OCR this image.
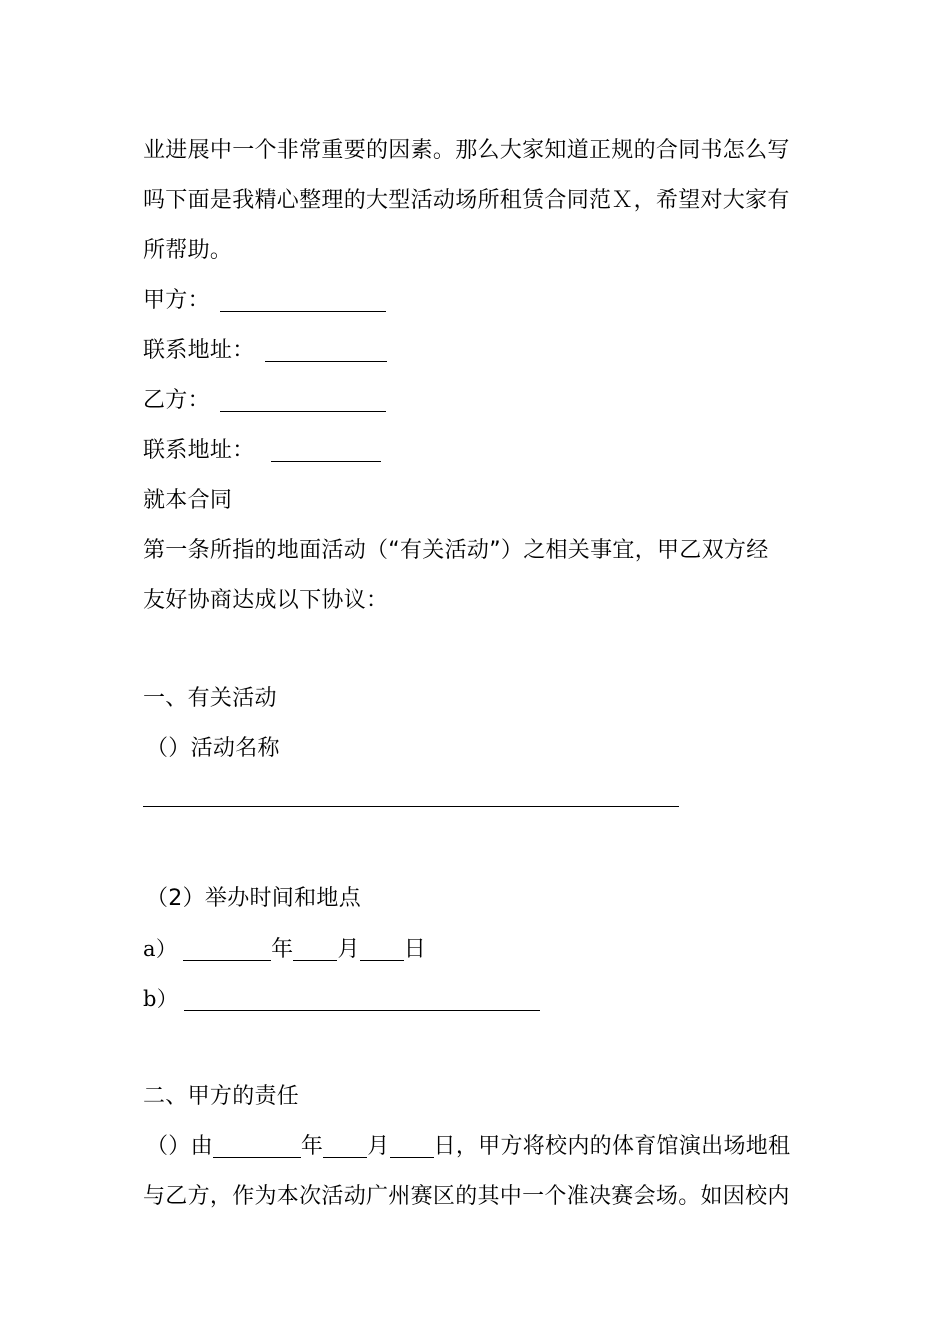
业进展中一个非常重要的因素。那么大家知道正规的合同书怎么写
吗下面是我精心整理的大型活动场所租赁合同范Ｘ，希望对大家有
所帮助。
甲方：
联系地址：
乙方：
联系地址：
就本合同
第一条所指的地面活动（“有关活动”）之相关事宜，甲乙双方经
友好协商达成以下协议：
一、有关活动
（）活动名称
（2）举办时间和地点
a）	年 月 日
b）
二、甲方的责任
（）由	年 月 日，甲方将校内的体育馆演出场地租
与乙方，作为本次活动广州赛区的其中一个准决赛会场。如因校内
